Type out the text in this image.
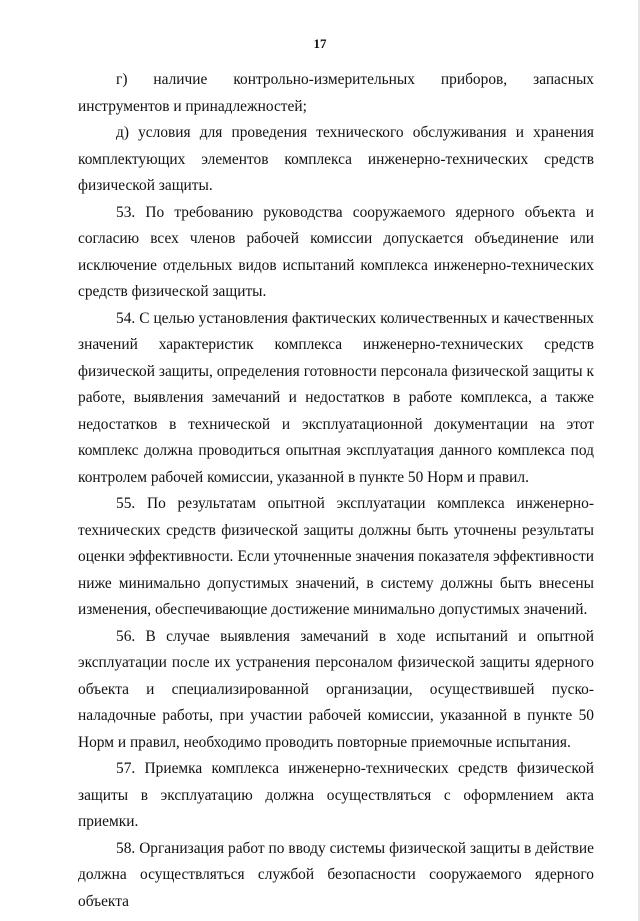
17

г) наличие контрольно-измерительных приборов, запасных инструментов и принадлежностей;

д) условия для проведения технического обслуживания и хранения комплектующих элементов комплекса инженерно-технических средств физической защиты.

53. По требованию руководства сооружаемого ядерного объекта и согласию всех членов рабочей комиссии допускается объединение или исключение отдельных видов испытаний комплекса инженерно-технических средств физической защиты.

54. С целью установления фактических количественных и качественных значений характеристик комплекса инженерно-технических средств физической защиты, определения готовности персонала физической защиты к работе, выявления замечаний и недостатков в работе комплекса, а также недостатков в технической и эксплуатационной документации на этот комплекс должна проводиться опытная эксплуатация данного комплекса под контролем рабочей комиссии, указанной в пункте 50 Норм и правил.

55. По результатам опытной эксплуатации комплекса инженерно-технических средств физической защиты должны быть уточнены результаты оценки эффективности. Если уточненные значения показателя эффективности ниже минимально допустимых значений, в систему должны быть внесены изменения, обеспечивающие достижение минимально допустимых значений.

56. В случае выявления замечаний в ходе испытаний и опытной эксплуатации после их устранения персоналом физической защиты ядерного объекта и специализированной организации, осуществившей пуско-наладочные работы, при участии рабочей комиссии, указанной в пункте 50 Норм и правил, необходимо проводить повторные приемочные испытания.

57. Приемка комплекса инженерно-технических средств физической защиты в эксплуатацию должна осуществляться с оформлением акта приемки.

58. Организация работ по вводу системы физической защиты в действие должна осуществляться службой безопасности сооружаемого ядерного объекта
